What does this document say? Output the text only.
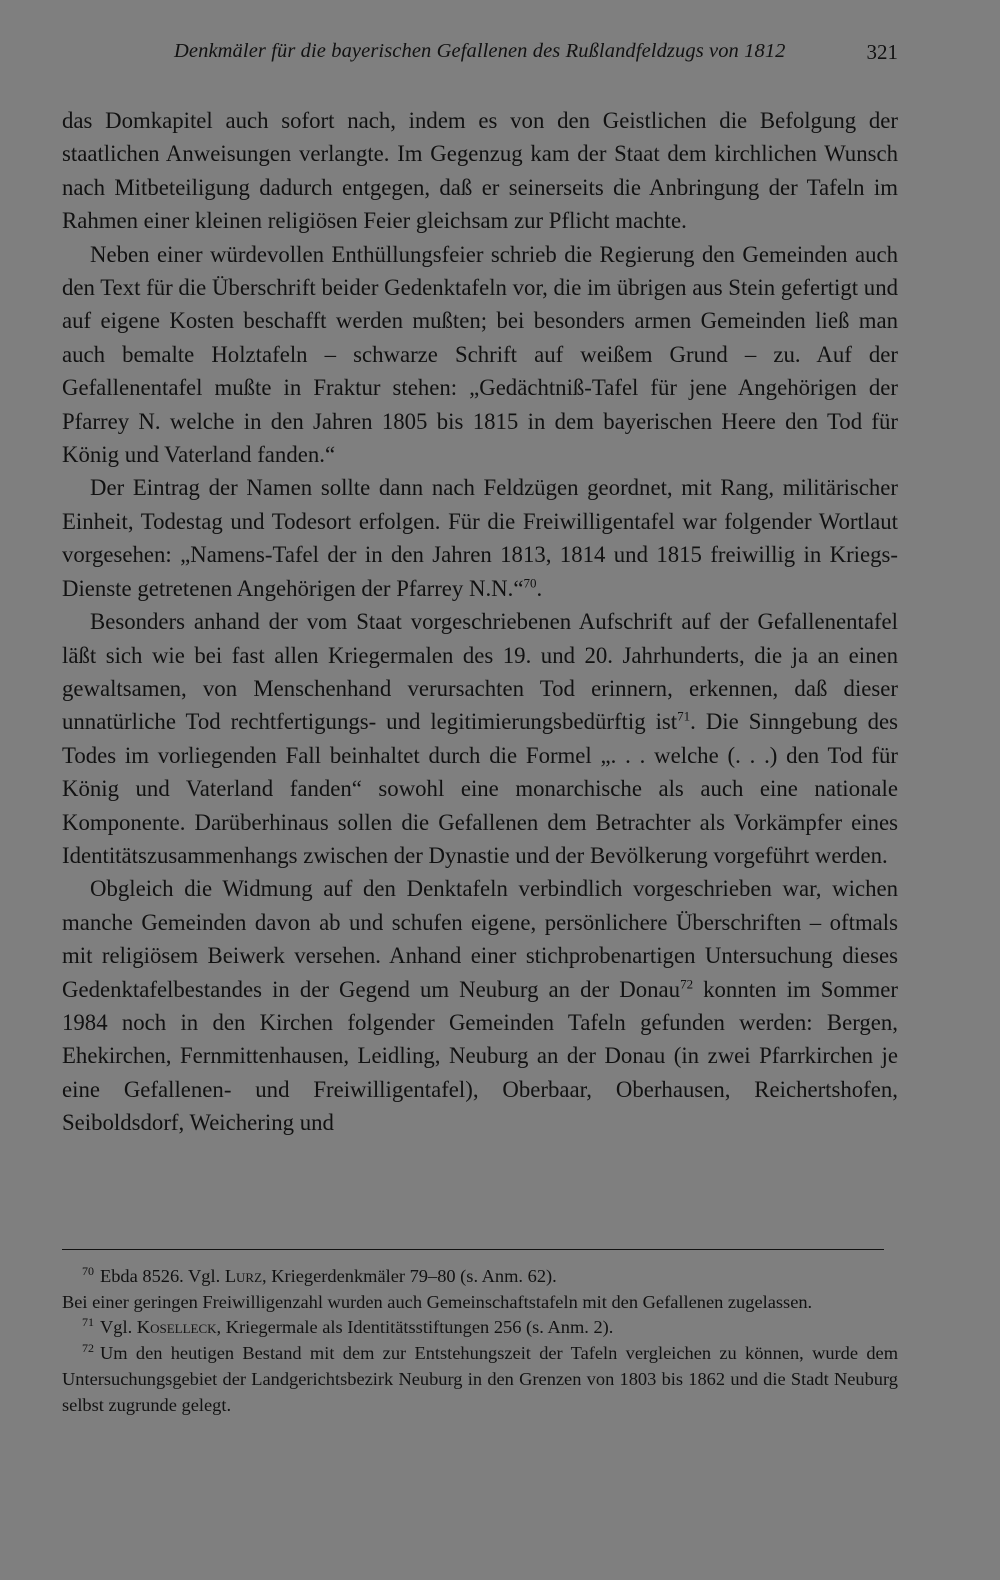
Denkmäler für die bayerischen Gefallenen des Rußlandfeldzugs von 1812	321

das Domkapitel auch sofort nach, indem es von den Geistlichen die Befolgung der staatlichen Anweisungen verlangte. Im Gegenzug kam der Staat dem kirchlichen Wunsch nach Mitbeteiligung dadurch entgegen, daß er seinerseits die Anbringung der Tafeln im Rahmen einer kleinen religiösen Feier gleichsam zur Pflicht machte.

Neben einer würdevollen Enthüllungsfeier schrieb die Regierung den Gemeinden auch den Text für die Überschrift beider Gedenktafeln vor, die im übrigen aus Stein gefertigt und auf eigene Kosten beschafft werden mußten; bei besonders armen Gemeinden ließ man auch bemalte Holztafeln – schwarze Schrift auf weißem Grund – zu. Auf der Gefallenentafel mußte in Fraktur stehen: „Gedächtniß-Tafel für jene Angehörigen der Pfarrey N. welche in den Jahren 1805 bis 1815 in dem bayerischen Heere den Tod für König und Vaterland fanden.“

Der Eintrag der Namen sollte dann nach Feldzügen geordnet, mit Rang, militärischer Einheit, Todestag und Todesort erfolgen. Für die Freiwilligentafel war folgender Wortlaut vorgesehen: „Namens-Tafel der in den Jahren 1813, 1814 und 1815 freiwillig in Kriegs-Dienste getretenen Angehörigen der Pfarrey N.N.“$^{70}$.

Besonders anhand der vom Staat vorgeschriebenen Aufschrift auf der Gefallenentafel läßt sich wie bei fast allen Kriegermalen des 19. und 20. Jahrhunderts, die ja an einen gewaltsamen, von Menschenhand verursachten Tod erinnern, erkennen, daß dieser unnatürliche Tod rechtfertigungs- und legitimierungsbedürftig ist$^{71}$. Die Sinngebung des Todes im vorliegenden Fall beinhaltet durch die Formel „. . . welche (. . .) den Tod für König und Vaterland fanden“ sowohl eine monarchische als auch eine nationale Komponente. Darüberhinaus sollen die Gefallenen dem Betrachter als Vorkämpfer eines Identitätszusammenhangs zwischen der Dynastie und der Bevölkerung vorgeführt werden.

Obgleich die Widmung auf den Denktafeln verbindlich vorgeschrieben war, wichen manche Gemeinden davon ab und schufen eigene, persönlichere Überschriften – oftmals mit religiösem Beiwerk versehen. Anhand einer stichprobenartigen Untersuchung dieses Gedenktafelbestandes in der Gegend um Neuburg an der Donau$^{72}$ konnten im Sommer 1984 noch in den Kirchen folgender Gemeinden Tafeln gefunden werden: Bergen, Ehekirchen, Fernmittenhausen, Leidling, Neuburg an der Donau (in zwei Pfarrkirchen je eine Gefallenen- und Freiwilligentafel), Oberbaar, Oberhausen, Reichertshofen, Seiboldsdorf, Weichering und

$^{70}$ Ebda 8526. Vgl. Lurz, Kriegerdenkmäler 79–80 (s. Anm. 62).

Bei einer geringen Freiwilligenzahl wurden auch Gemeinschaftstafeln mit den Gefallenen zugelassen.

$^{71}$ Vgl. Koselleck, Kriegermale als Identitätsstiftungen 256 (s. Anm. 2).

$^{72}$ Um den heutigen Bestand mit dem zur Entstehungszeit der Tafeln vergleichen zu können, wurde dem Untersuchungsgebiet der Landgerichtsbezirk Neuburg in den Grenzen von 1803 bis 1862 und die Stadt Neuburg selbst zugrunde gelegt.
